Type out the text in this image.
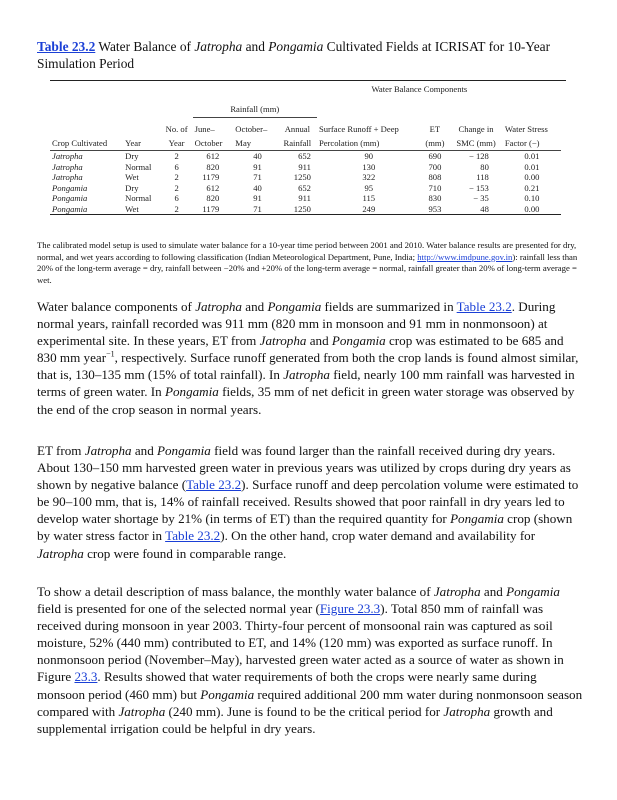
Table 23.2 Water Balance of Jatropha and Pongamia Cultivated Fields at ICRISAT for 10-Year Simulation Period
					Water Balance Components					
			Rainfall (mm)							
		No. of	June–	October–	Annual	Surface Runoff + Deep	ET	Change in	Water Stress	
Crop Cultivated	Year	Year	October	May	Rainfall	Percolation (mm)	(mm)	SMC (mm)	Factor (−)	
Jatropha	Dry	2	612	40	652	90	690	− 128	0.01	
Jatropha	Normal	6	820	91	911	130	700	80	0.01	
Jatropha	Wet	2	1179	71	1250	322	808	118	0.00	
Pongamia	Dry	2	612	40	652	95	710	− 153	0.21	
Pongamia	Normal	6	820	91	911	115	830	− 35	0.10	
Pongamia	Wet	2	1179	71	1250	249	953	48	0.00	
The calibrated model setup is used to simulate water balance for a 10-year time period between 2001 and 2010. Water balance results are presented for dry, normal, and wet years according to following classification (Indian Meteorological Department, Pune, India; http://www.imdpune.gov.in): rainfall less than 20% of the long-term average = dry, rainfall between −20% and +20% of the long-term average = normal, rainfall greater than 20% of long-term average = wet.

Water balance components of Jatropha and Pongamia fields are summarized in Table 23.2. During normal years, rainfall recorded was 911 mm (820 mm in monsoon and 91 mm in nonmonsoon) at experimental site. In these years, ET from Jatropha and Pongamia crop was estimated to be 685 and 830 mm year$^{-1}$, respectively. Surface runoff generated from both the crop lands is found almost similar, that is, 130–135 mm (15% of total rainfall). In Jatropha field, nearly 100 mm rainfall was harvested in terms of green water. In Pongamia fields, 35 mm of net deficit in green water storage was observed by the end of the crop season in normal years.

ET from Jatropha and Pongamia field was found larger than the rainfall received during dry years. About 130–150 mm harvested green water in previous years was utilized by crops during dry years as shown by negative balance (Table 23.2). Surface runoff and deep percolation volume were estimated to be 90–100 mm, that is, 14% of rainfall received. Results showed that poor rainfall in dry years led to develop water shortage by 21% (in terms of ET) than the required quantity for Pongamia crop (shown by water stress factor in Table 23.2). On the other hand, crop water demand and availability for Jatropha crop were found in comparable range.

To show a detail description of mass balance, the monthly water balance of Jatropha and Pongamia field is presented for one of the selected normal year (Figure 23.3). Total 850 mm of rainfall was received during monsoon in year 2003. Thirty-four percent of monsoonal rain was captured as soil moisture, 52% (440 mm) contributed to ET, and 14% (120 mm) was exported as surface runoff. In nonmonsoon period (November–May), harvested green water acted as a source of water as shown in Figure 23.3. Results showed that water requirements of both the crops were nearly same during monsoon period (460 mm) but Pongamia required additional 200 mm water during nonmonsoon season compared with Jatropha (240 mm). June is found to be the critical period for Jatropha growth and supplemental irrigation could be helpful in dry years.
